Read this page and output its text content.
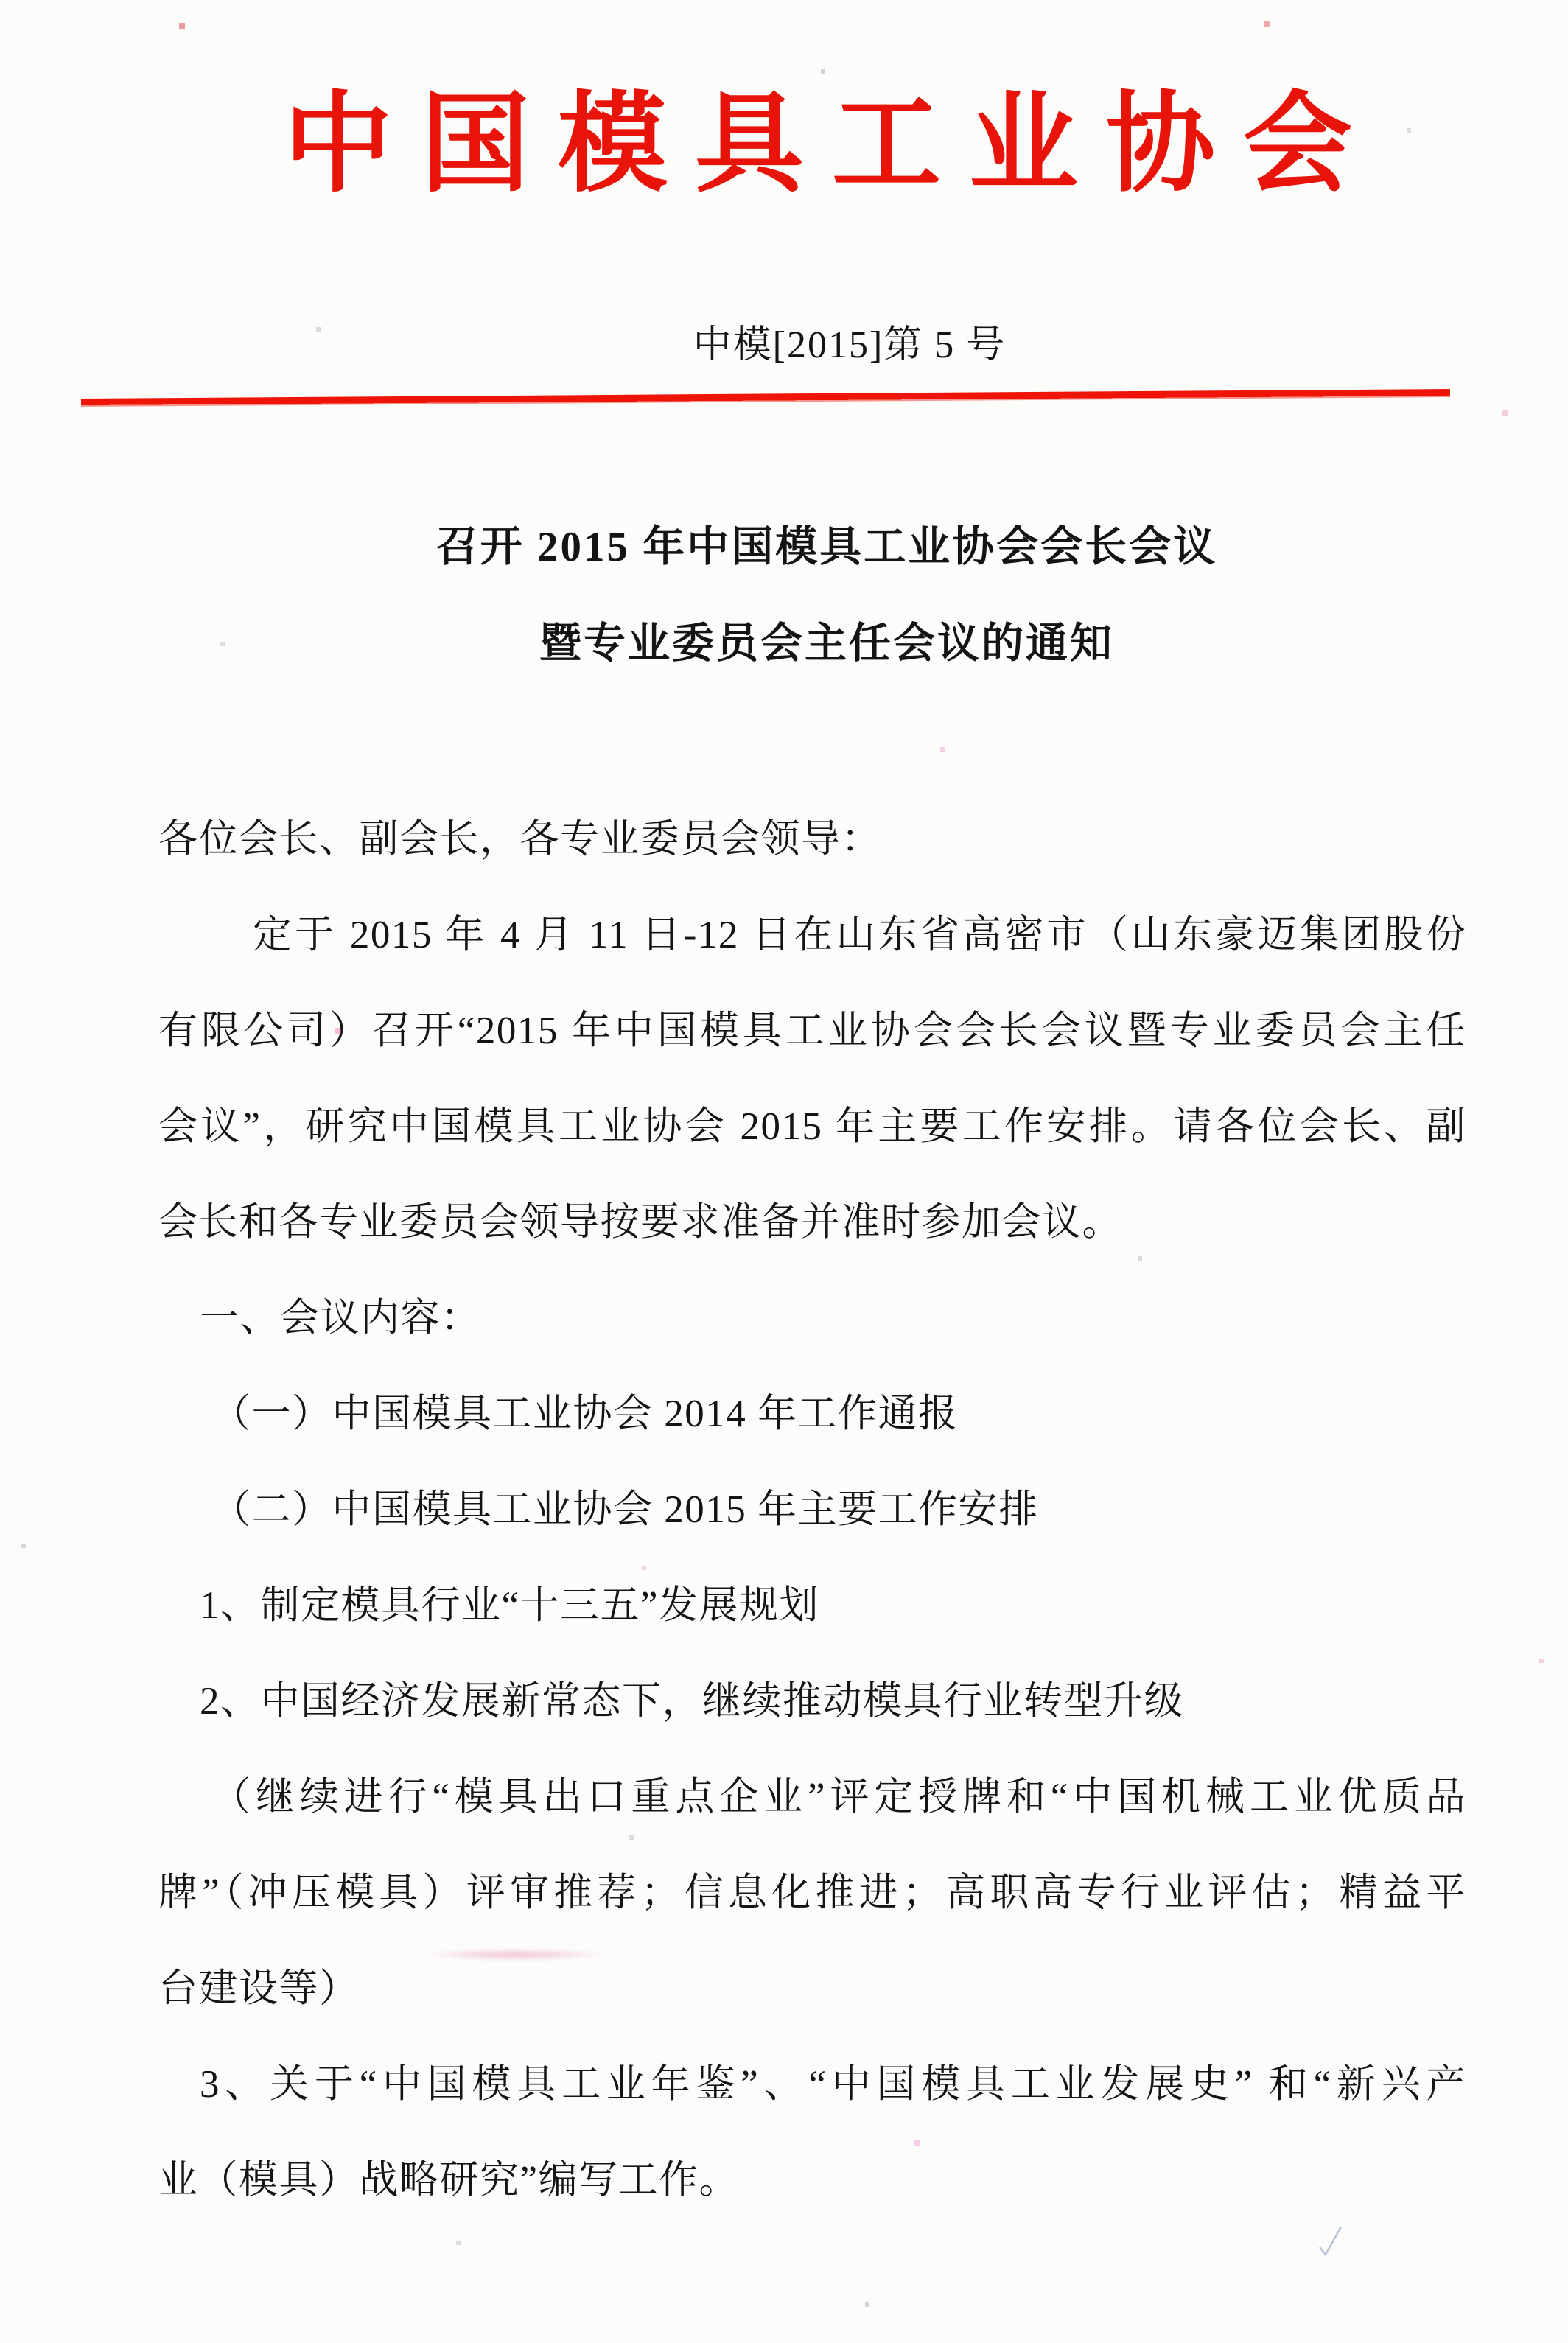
中国模具工业协会
中模[2015]第 5 号
召开 2015 年中国模具工业协会会长会议
暨专业委员会主任会议的通知
各位会长、副会长，各专业委员会领导：
定于 2015 年 4 月 11 日-12 日在山东省高密市（山东豪迈集团股份
有限公司）召开“2015 年中国模具工业协会会长会议暨专业委员会主任
会议”，研究中国模具工业协会 2015 年主要工作安排。请各位会长、副
会长和各专业委员会领导按要求准备并准时参加会议。
一、会议内容：
（一）中国模具工业协会 2014 年工作通报
（二）中国模具工业协会 2015 年主要工作安排
1、制定模具行业“十三五”发展规划
2、中国经济发展新常态下，继续推动模具行业转型升级
（继续进行“模具出口重点企业”评定授牌和“中国机械工业优质品
牌”（冲压模具）评审推荐；信息化推进；高职高专行业评估；精益平
台建设等）
3、关于“中国模具工业年鉴”、“中国模具工业发展史” 和“新兴产
业（模具）战略研究”编写工作。
